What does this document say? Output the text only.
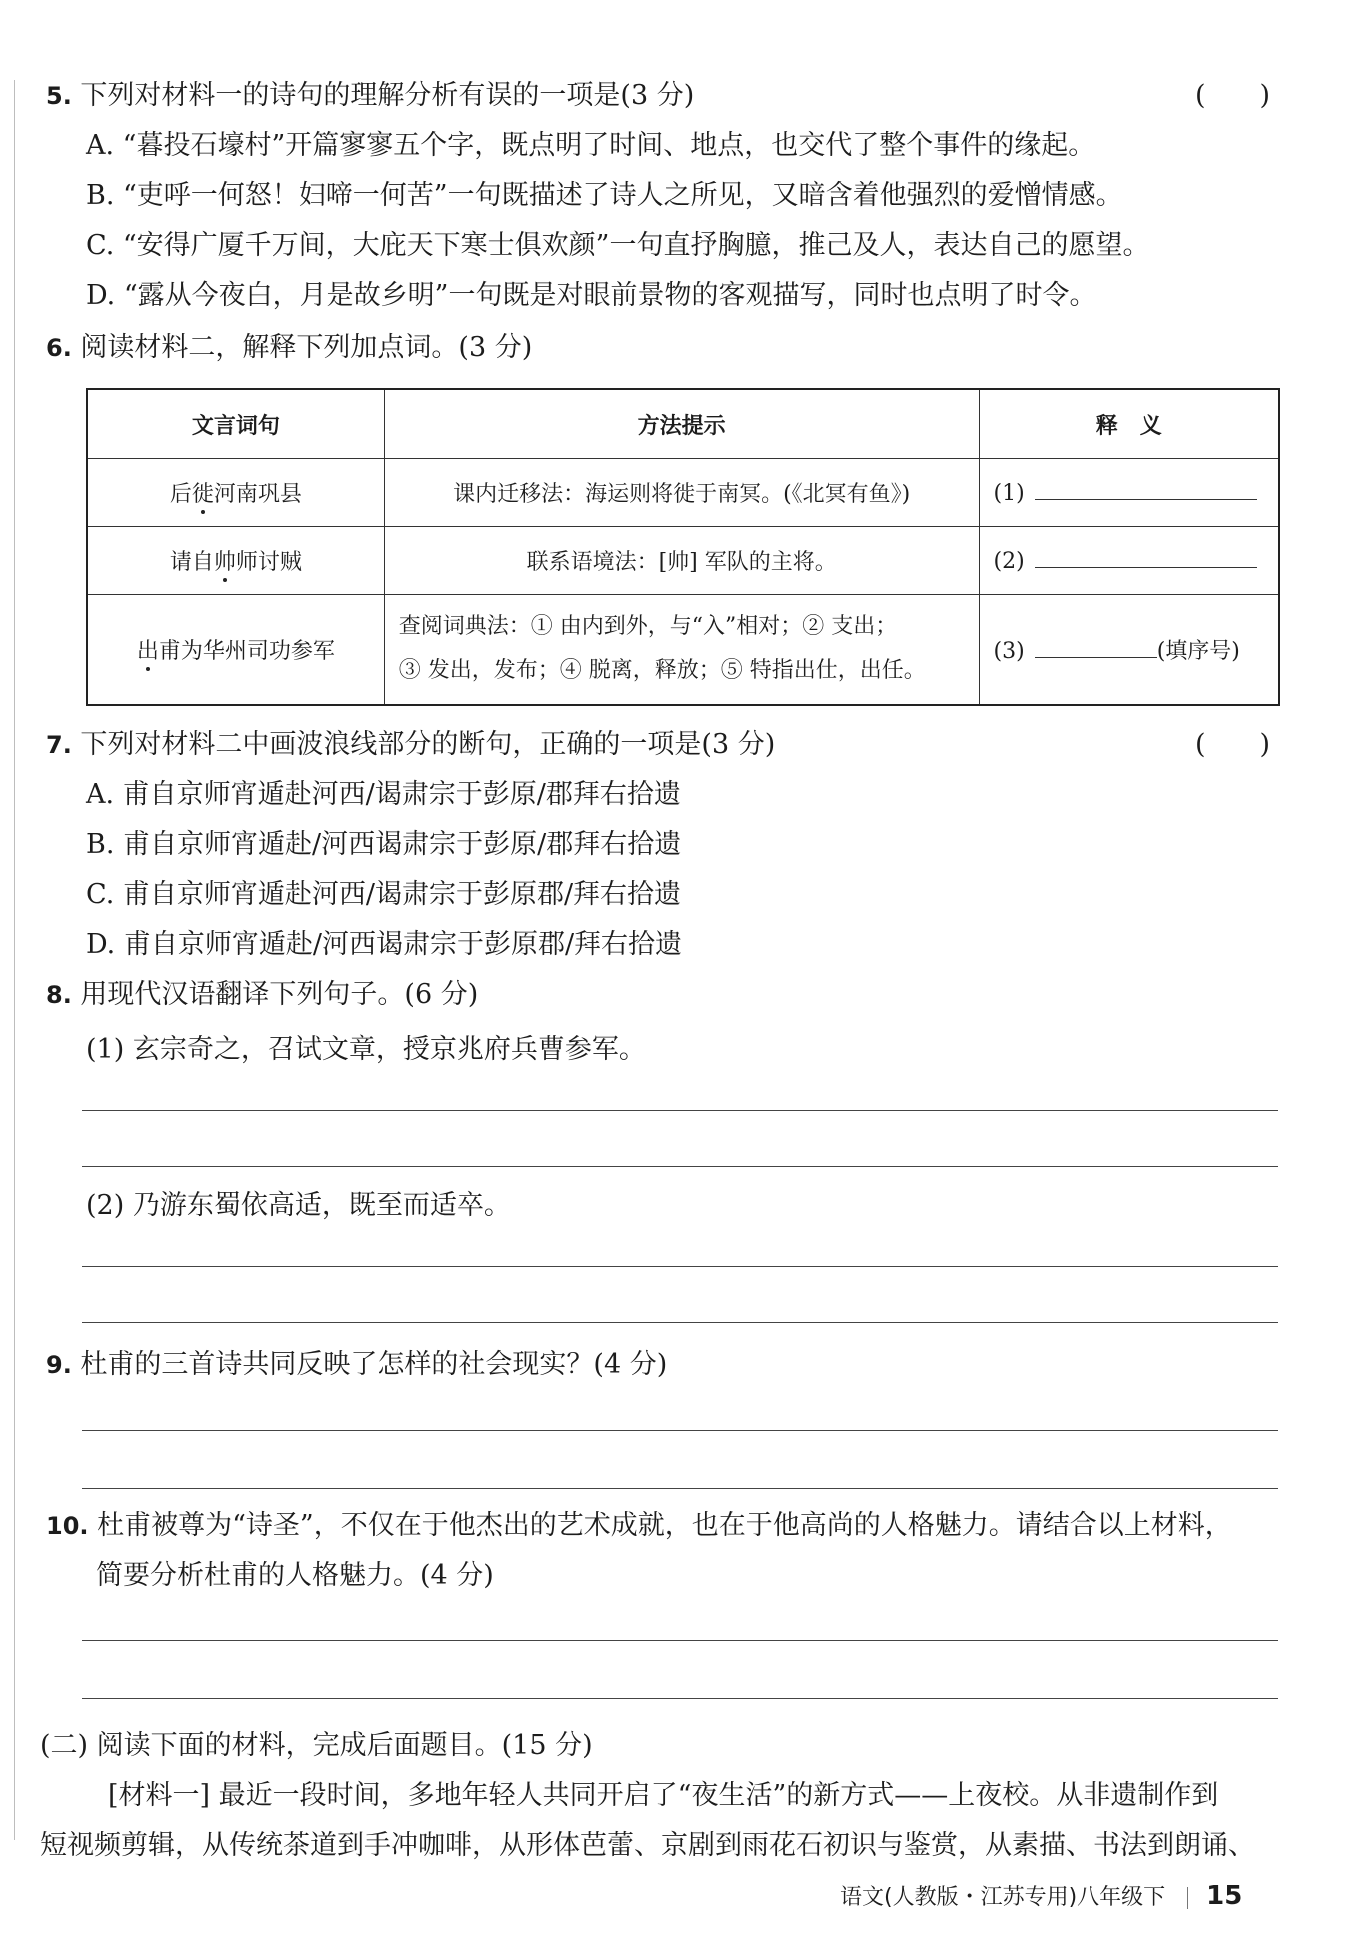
5. 下列对材料一的诗句的理解分析有误的一项是(3 分)	(　　)
A. “暮投石壕村”开篇寥寥五个字，既点明了时间、地点，也交代了整个事件的缘起。
B. “吏呼一何怒！妇啼一何苦”一句既描述了诗人之所见，又暗含着他强烈的爱憎情感。
C. “安得广厦千万间，大庇天下寒士俱欢颜”一句直抒胸臆，推己及人，表达自己的愿望。
D. “露从今夜白，月是故乡明”一句既是对眼前景物的客观描写，同时也点明了时令。
6. 阅读材料二，解释下列加点词。(3 分)
文言词句	方法提示	释　义
后徙河南巩县	课内迁移法：海运则将徙于南冥。(《北冥有鱼》)	(1)
请自帅师讨贼	联系语境法：[帅] 军队的主将。	(2)
出甫为华州司功参军	查阅词典法：① 由内到外，与“入”相对；② 支出；
③ 发出，发布；④ 脱离，释放；⑤ 特指出仕，出任。	(3) (填序号)
7. 下列对材料二中画波浪线部分的断句，正确的一项是(3 分)	(　　)
A. 甫自京师宵遁赴河西/谒肃宗于彭原/郡拜右拾遗
B. 甫自京师宵遁赴/河西谒肃宗于彭原/郡拜右拾遗
C. 甫自京师宵遁赴河西/谒肃宗于彭原郡/拜右拾遗
D. 甫自京师宵遁赴/河西谒肃宗于彭原郡/拜右拾遗
8. 用现代汉语翻译下列句子。(6 分)
(1) 玄宗奇之，召试文章，授京兆府兵曹参军。
(2) 乃游东蜀依高适，既至而适卒。
9. 杜甫的三首诗共同反映了怎样的社会现实？(4 分)
10. 杜甫被尊为“诗圣”，不仅在于他杰出的艺术成就，也在于他高尚的人格魅力。请结合以上材料，
简要分析杜甫的人格魅力。(4 分)
(二) 阅读下面的材料，完成后面题目。(15 分)
[材料一] 最近一段时间，多地年轻人共同开启了“夜生活”的新方式——上夜校。从非遗制作到
短视频剪辑，从传统茶道到手冲咖啡，从形体芭蕾、京剧到雨花石初识与鉴赏，从素描、书法到朗诵、
语文(人教版・江苏专用)八年级下 15
